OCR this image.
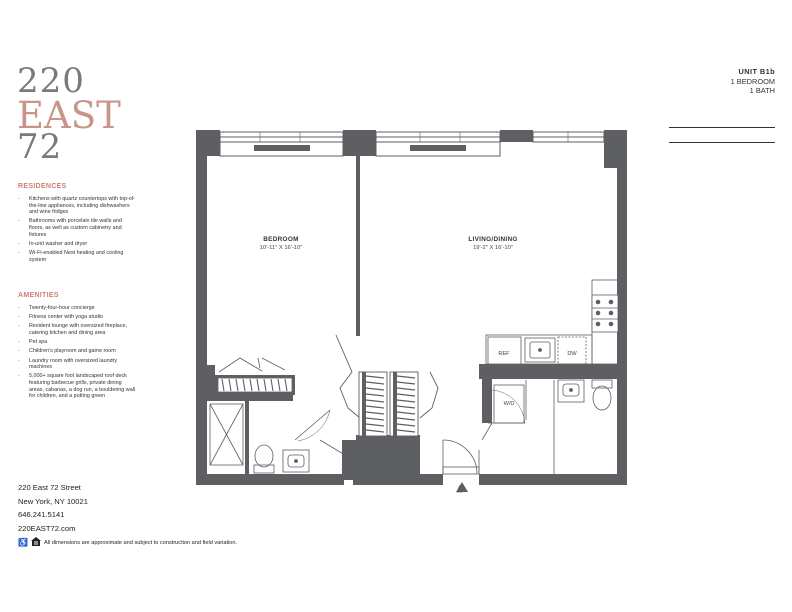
220
EAST
72
RESIDENCES
- Kitchens with quartz countertops with top-of-the-line appliances, including dishwashers and wine fridges
- Bathrooms with porcelain tile walls and floors, as well as custom cabinetry and fixtures
- In-unit washer and dryer
- Wi-Fi-enabled Nest heating and cooling system
AMENITIES
- Twenty-four-hour concierge
- Fitness center with yoga studio
- Resident lounge with oversized fireplace, catering kitchen and dining area
- Pet spa
- Children's playroom and game room
- Laundry room with oversized laundry machines
- 5,000+ square foot landscaped roof deck featuring barbecue grills, private dining areas, cabanas, a dog run, a bouldering wall for children, and a putting green
220 East 72 Street
New York, NY 10021
646.241.5141
220EAST72.com
♿	All dimensions are approximate and subject to construction and field variation.
UNIT B1b
1 BEDROOM
1 BATH
BEDROOM
10'-11" X 16'-10"
LIVING/DINING
19'-2" X 16'-10"
REF	DW
W/D
